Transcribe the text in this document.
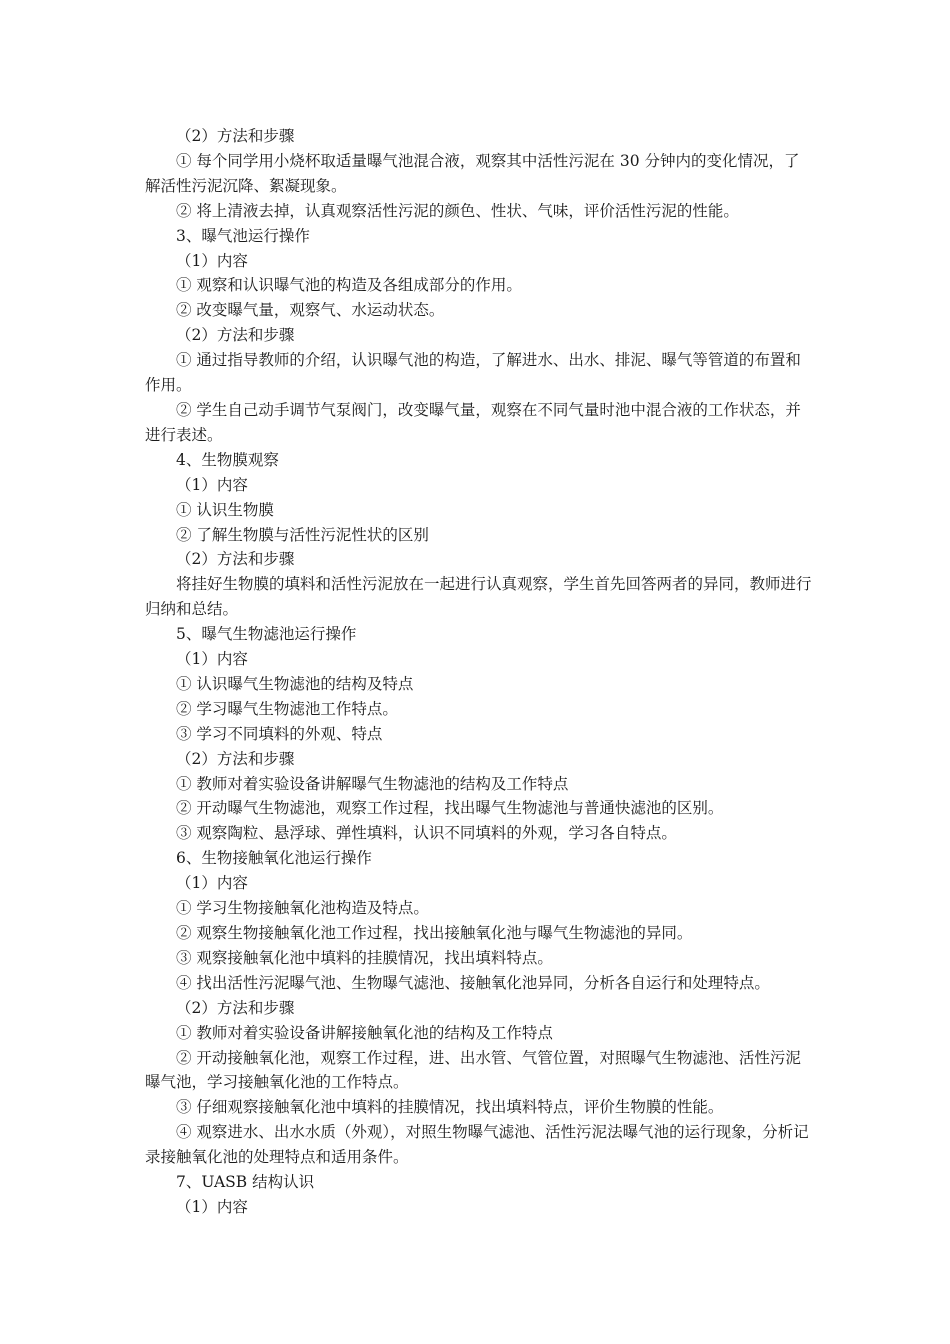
（2）方法和步骤

① 每个同学用小烧杯取适量曝气池混合液，观察其中活性污泥在 30 分钟内的变化情况，了解活性污泥沉降、絮凝现象。

② 将上清液去掉，认真观察活性污泥的颜色、性状、气味，评价活性污泥的性能。

3、曝气池运行操作

（1）内容

① 观察和认识曝气池的构造及各组成部分的作用。

② 改变曝气量，观察气、水运动状态。

（2）方法和步骤

① 通过指导教师的介绍，认识曝气池的构造，了解进水、出水、排泥、曝气等管道的布置和作用。

② 学生自己动手调节气泵阀门，改变曝气量，观察在不同气量时池中混合液的工作状态，并进行表述。

4、生物膜观察

（1）内容

① 认识生物膜

② 了解生物膜与活性污泥性状的区别

（2）方法和步骤

将挂好生物膜的填料和活性污泥放在一起进行认真观察，学生首先回答两者的异同，教师进行归纳和总结。

5、曝气生物滤池运行操作

（1）内容

① 认识曝气生物滤池的结构及特点

② 学习曝气生物滤池工作特点。

③ 学习不同填料的外观、特点

（2）方法和步骤

① 教师对着实验设备讲解曝气生物滤池的结构及工作特点

② 开动曝气生物滤池，观察工作过程，找出曝气生物滤池与普通快滤池的区别。

③ 观察陶粒、悬浮球、弹性填料，认识不同填料的外观，学习各自特点。

6、生物接触氧化池运行操作

（1）内容

① 学习生物接触氧化池构造及特点。

② 观察生物接触氧化池工作过程，找出接触氧化池与曝气生物滤池的异同。

③ 观察接触氧化池中填料的挂膜情况，找出填料特点。

④ 找出活性污泥曝气池、生物曝气滤池、接触氧化池异同，分析各自运行和处理特点。

（2）方法和步骤

① 教师对着实验设备讲解接触氧化池的结构及工作特点

② 开动接触氧化池，观察工作过程，进、出水管、气管位置，对照曝气生物滤池、活性污泥曝气池，学习接触氧化池的工作特点。

③ 仔细观察接触氧化池中填料的挂膜情况，找出填料特点，评价生物膜的性能。

④ 观察进水、出水水质（外观），对照生物曝气滤池、活性污泥法曝气池的运行现象，分析记录接触氧化池的处理特点和适用条件。

7、UASB 结构认识

（1）内容
